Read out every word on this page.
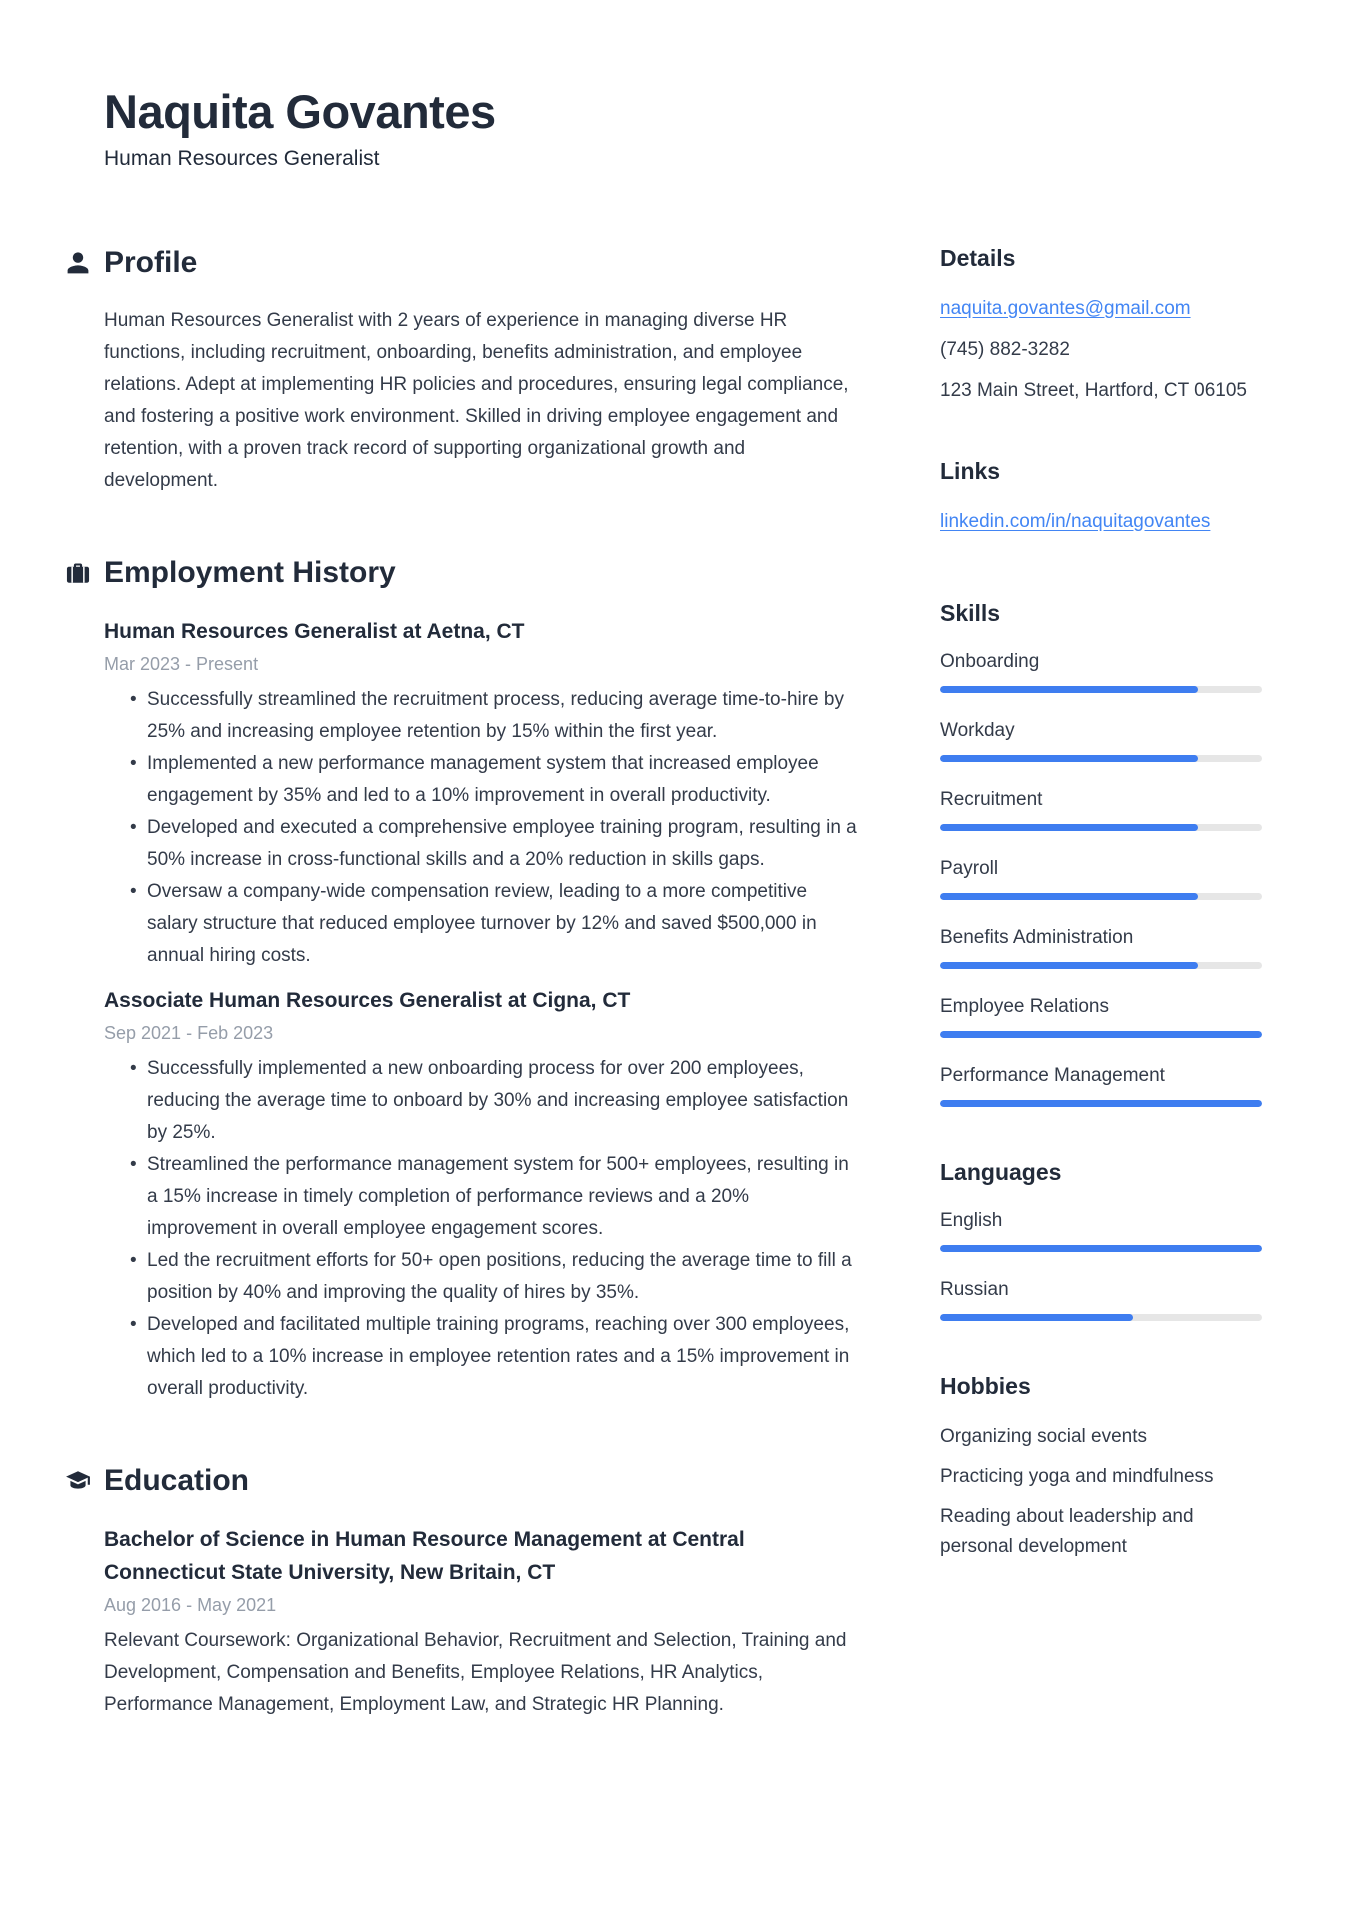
Naquita Govantes
Human Resources Generalist
Profile

Human Resources Generalist with 2 years of experience in managing diverse HR functions, including recruitment, onboarding, benefits administration, and employee relations. Adept at implementing HR policies and procedures, ensuring legal compliance, and fostering a positive work environment. Skilled in driving employee engagement and retention, with a proven track record of supporting organizational growth and development.

Employment History
Human Resources Generalist at Aetna, CT
Mar 2023 - Present
• Successfully streamlined the recruitment process, reducing average time-to-hire by 25% and increasing employee retention by 15% within the first year.
• Implemented a new performance management system that increased employee engagement by 35% and led to a 10% improvement in overall productivity.
• Developed and executed a comprehensive employee training program, resulting in a 50% increase in cross-functional skills and a 20% reduction in skills gaps.
• Oversaw a company-wide compensation review, leading to a more competitive salary structure that reduced employee turnover by 12% and saved $500,000 in annual hiring costs.
Associate Human Resources Generalist at Cigna, CT
Sep 2021 - Feb 2023
• Successfully implemented a new onboarding process for over 200 employees, reducing the average time to onboard by 30% and increasing employee satisfaction by 25%.
• Streamlined the performance management system for 500+ employees, resulting in a 15% increase in timely completion of performance reviews and a 20% improvement in overall employee engagement scores.
• Led the recruitment efforts for 50+ open positions, reducing the average time to fill a position by 40% and improving the quality of hires by 35%.
• Developed and facilitated multiple training programs, reaching over 300 employees, which led to a 10% increase in employee retention rates and a 15% improvement in overall productivity.
Education
Bachelor of Science in Human Resource Management at Central Connecticut State University, New Britain, CT
Aug 2016 - May 2021

Relevant Coursework: Organizational Behavior, Recruitment and Selection, Training and Development, Compensation and Benefits, Employee Relations, HR Analytics, Performance Management, Employment Law, and Strategic HR Planning.

Details
naquita.govantes@gmail.com
(745) 882-3282
123 Main Street, Hartford, CT 06105
Links
linkedin.com/in/naquitagovantes
Skills
Onboarding
Workday
Recruitment
Payroll
Benefits Administration
Employee Relations
Performance Management
Languages
English
Russian
Hobbies
Organizing social events
Practicing yoga and mindfulness
Reading about leadership and personal development
